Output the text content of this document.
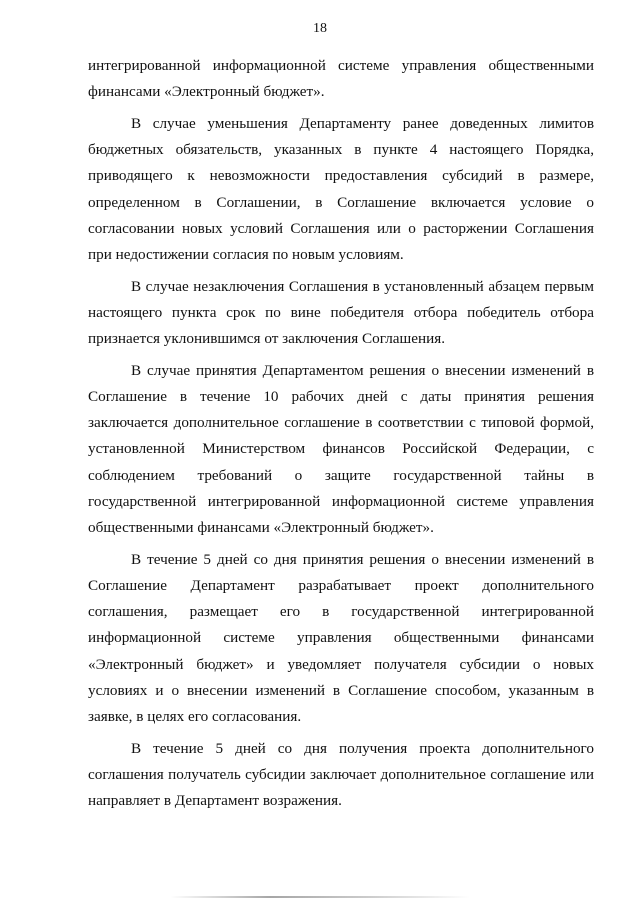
18
интегрированной информационной системе управления общественными
финансами «Электронный бюджет».
В случае уменьшения Департаменту ранее доведенных лимитов
бюджетных обязательств, указанных в пункте 4 настоящего Порядка,
приводящего к невозможности предоставления субсидий в размере,
определенном в Соглашении, в Соглашение включается условие о
согласовании новых условий Соглашения или о расторжении Соглашения
при недостижении согласия по новым условиям.
В случае незаключения Соглашения в установленный абзацем первым
настоящего пункта срок по вине победителя отбора победитель отбора
признается уклонившимся от заключения Соглашения.
В случае принятия Департаментом решения о внесении изменений в
Соглашение в течение 10 рабочих дней с даты принятия решения
заключается дополнительное соглашение в соответствии с типовой формой,
установленной Министерством финансов Российской Федерации, с
соблюдением требований о защите государственной тайны в
государственной интегрированной информационной системе управления
общественными финансами «Электронный бюджет».
В течение 5 дней со дня принятия решения о внесении изменений в
Соглашение Департамент разрабатывает проект дополнительного
соглашения, размещает его в государственной интегрированной
информационной системе управления общественными финансами
«Электронный бюджет» и уведомляет получателя субсидии о новых
условиях и о внесении изменений в Соглашение способом, указанным в
заявке, в целях его согласования.
В течение 5 дней со дня получения проекта дополнительного
соглашения получатель субсидии заключает дополнительное соглашение или
направляет в Департамент возражения.
